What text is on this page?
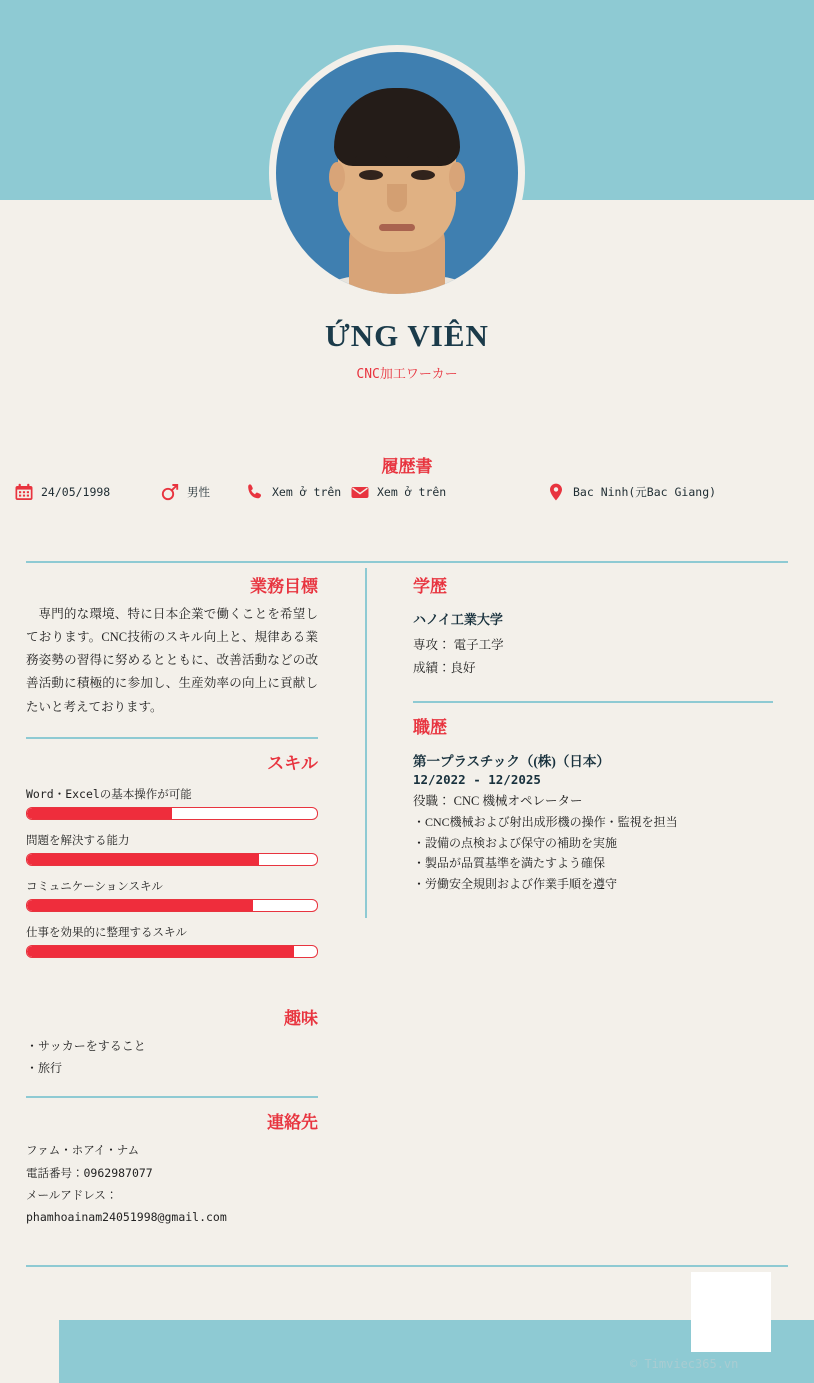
ỨNG VIÊN
CNC加工ワーカー
履歴書
24/05/1998	男性	Xem ở trên	Xem ở trên	Bac Ninh(元Bac Giang)
業務目標

専門的な環境、特に日本企業で働くことを希望しております。CNC技術のスキル向上と、規律ある業務姿勢の習得に努めるとともに、改善活動などの改善活動に積極的に参加し、生産効率の向上に貢献したいと考えております。

スキル
Word・Excelの基本操作が可能
問題を解決する能力
コミュニケーションスキル
仕事を効果的に整理するスキル
趣味
・サッカーをすること
・旅行
連絡先
ファム・ホアイ・ナム
電話番号：0962987077
メールアドレス：
phamhoainam24051998@gmail.com
学歴
ハノイ工業大学
専攻： 電子工学
成績：良好
職歴
第一プラスチック（(株)（日本）
12/2022 - 12/2025
役職： CNC 機械オペレーター
・CNC機械および射出成形機の操作・監視を担当
・設備の点検および保守の補助を実施
・製品が品質基準を満たすよう確保
・労働安全規則および作業手順を遵守
© Timviec365.vn
